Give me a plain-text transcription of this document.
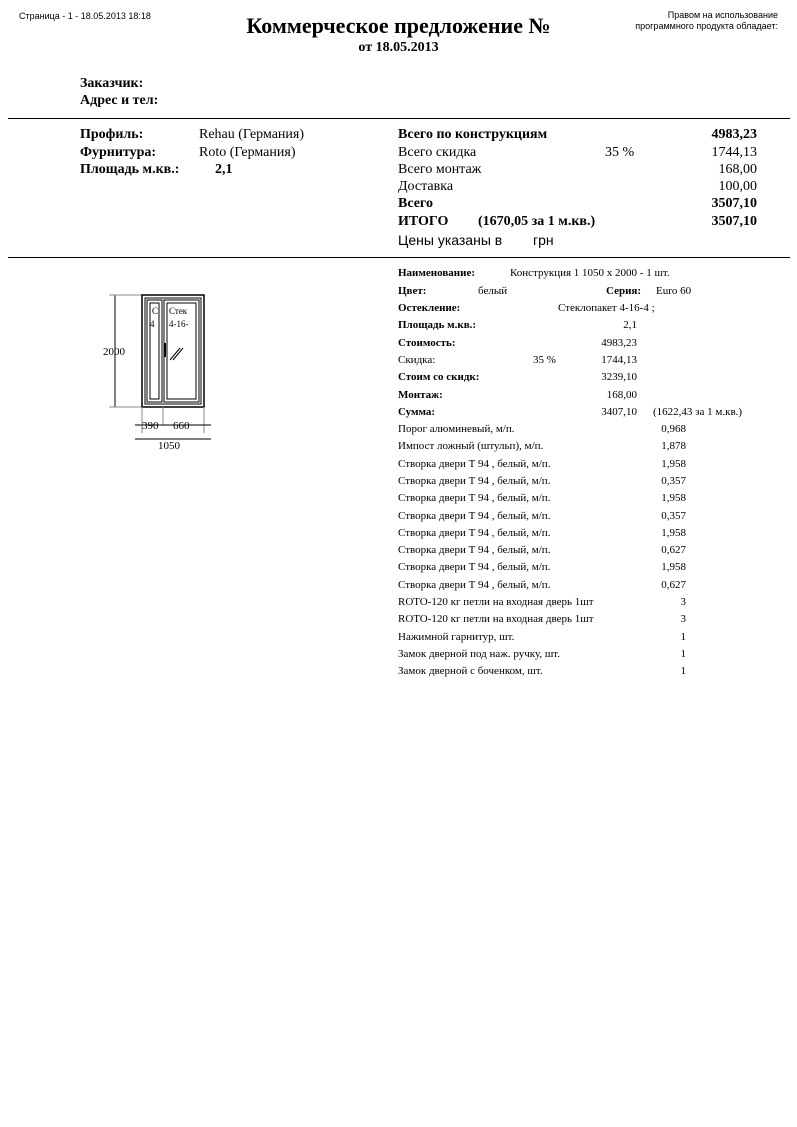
Страница - 1 - 18.05.2013 18:18	Коммерческое предложение №
от 18.05.2013
Правом на использование
программного продукта обладает:
Заказчик:
Адрес и тел:
Профиль:	Rehau (Германия)
Фурнитура:	Roto (Германия)
Площадь м.кв.:	2,1
Всего по конструкциям	4983,23
Всего скидка	35 %	1744,13
Всего монтаж	168,00
Доставка	100,00
Всего	3507,10
ИТОГО (1670,05 за 1 м.кв.)	3507,10
Цены указаны в грн
2000
390 660
1050
С
4
Стек
4-16-
Наименование:	Конструкция 1 1050 x 2000 - 1 шт.
Цвет:	белый	Серия: Euro 60
Остекление:	Стеклопакет 4-16-4 ;
Площадь м.кв.:	2,1
Стоимость:	4983,23
Скидка:	35 %	1744,13
Стоим со скидк:	3239,10
Монтаж:	168,00
Сумма:	3407,10 (1622,43 за 1 м.кв.)
Порог алюминевый, м/п.	0,968
Импост ложный (штульп), м/п.	1,878
Створка двери T 94 , белый, м/п.	1,958
Створка двери T 94 , белый, м/п.	0,357
Створка двери T 94 , белый, м/п.	1,958
Створка двери T 94 , белый, м/п.	0,357
Створка двери T 94 , белый, м/п.	1,958
Створка двери T 94 , белый, м/п.	0,627
Створка двери T 94 , белый, м/п.	1,958
Створка двери T 94 , белый, м/п.	0,627
ROTO-120 кг петли на входная дверь 1шт	3
ROTO-120 кг петли на входная дверь 1шт	3
Нажимной гарнитур, шт.	1
Замок дверной под наж. ручку, шт.	1
Замок дверной с боченком, шт.	1
